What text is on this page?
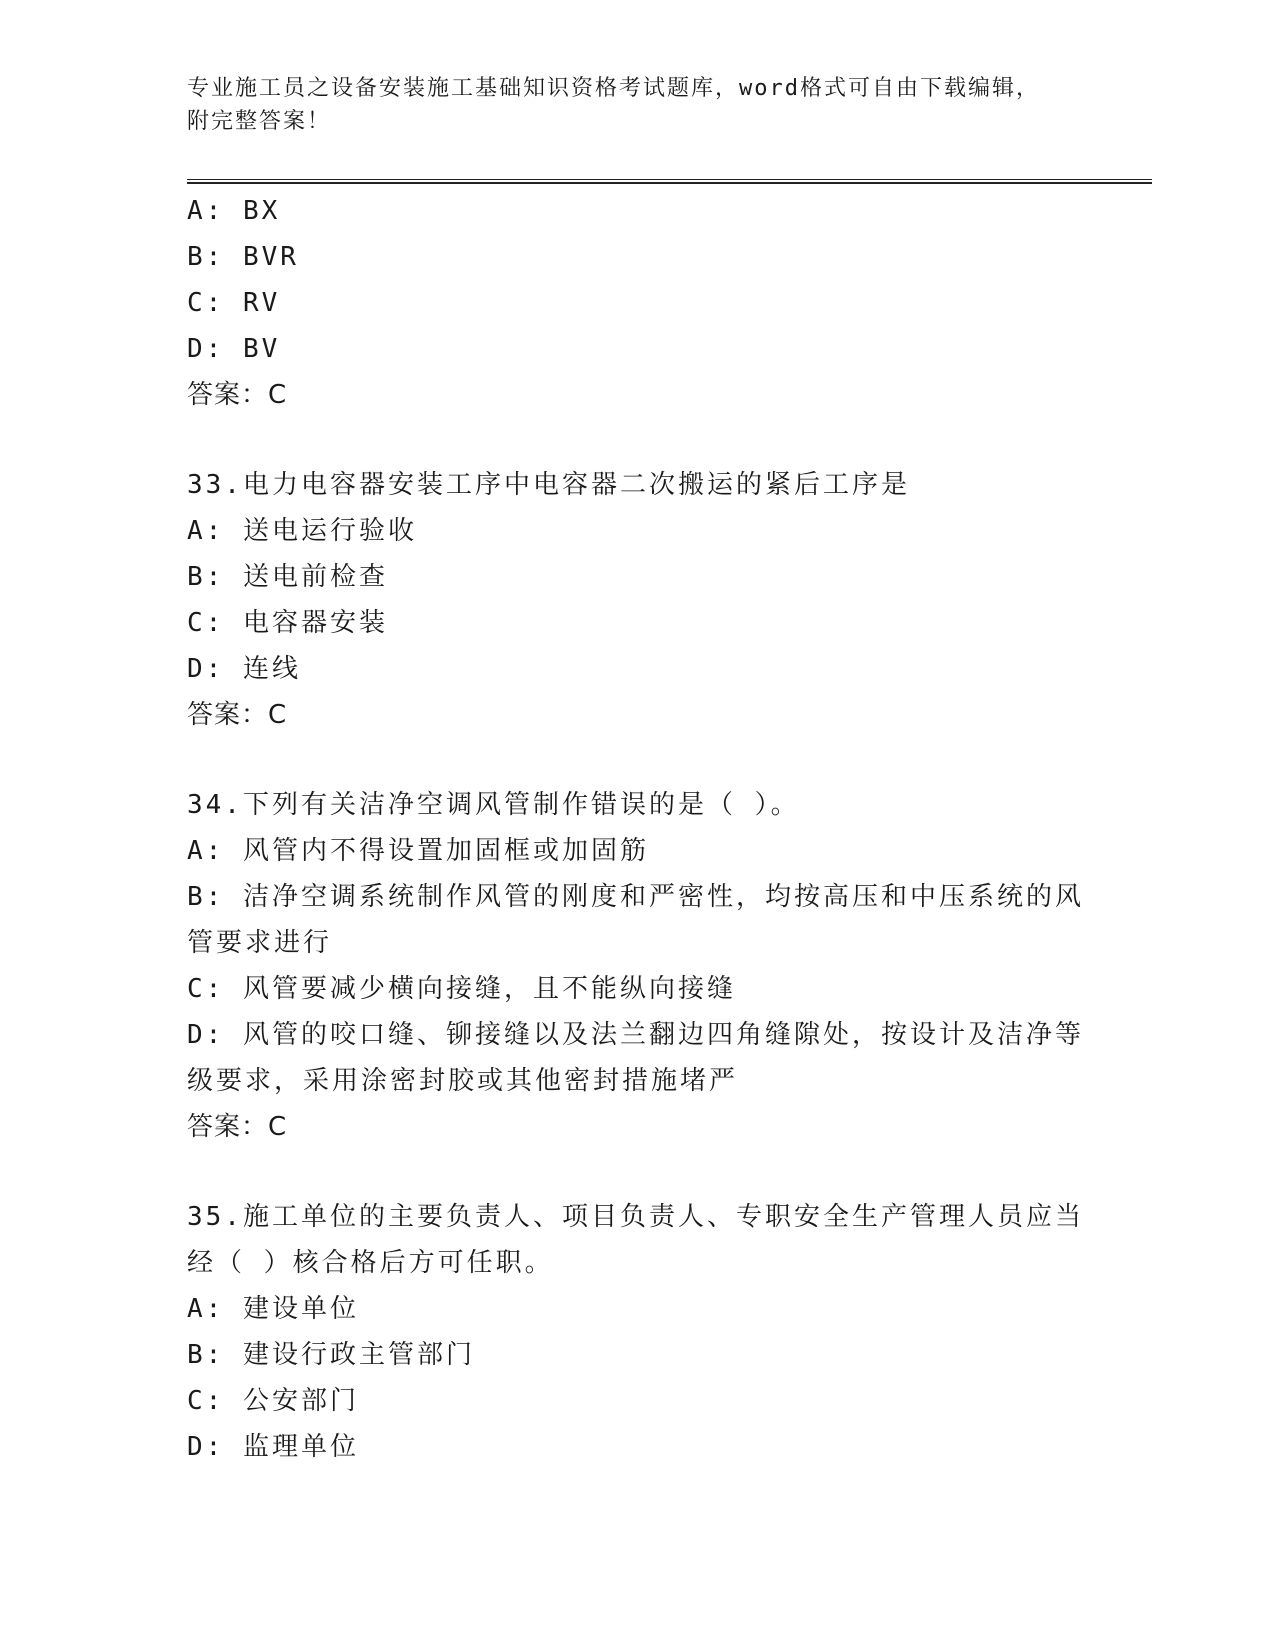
专业施工员之设备安装施工基础知识资格考试题库，word格式可自由下载编辑，
附完整答案！
A: BX
B: BVR
C: RV
D: BV
答案：C
33.电力电容器安装工序中电容器二次搬运的紧后工序是
A: 送电运行验收
B: 送电前检查
C: 电容器安装
D: 连线
答案：C
34.下列有关洁净空调风管制作错误的是（ ）。
A: 风管内不得设置加固框或加固筋
B: 洁净空调系统制作风管的刚度和严密性，均按高压和中压系统的风管要求进行
C: 风管要减少横向接缝，且不能纵向接缝
D: 风管的咬口缝、铆接缝以及法兰翻边四角缝隙处，按设计及洁净等级要求，采用涂密封胶或其他密封措施堵严
答案：C
35.施工单位的主要负责人、项目负责人、专职安全生产管理人员应当经（ ）核合格后方可任职。
A: 建设单位
B: 建设行政主管部门
C: 公安部门
D: 监理单位
